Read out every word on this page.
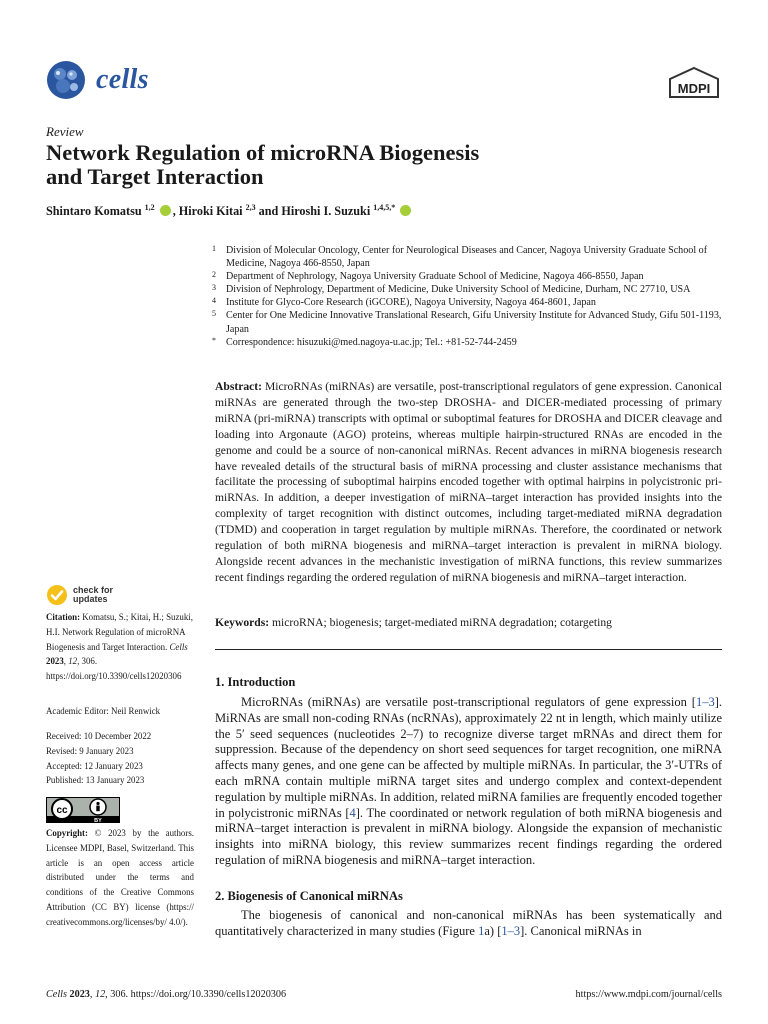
cells	MDPI
Review
Network Regulation of microRNA Biogenesis
and Target Interaction
Shintaro Komatsu $^{1,2}$ , Hiroki Kitai $^{2,3}$ and Hiroshi I. Suzuki $^{1,4,5,*}$
1 Division of Molecular Oncology, Center for Neurological Diseases and Cancer, Nagoya University Graduate School of Medicine, Nagoya 466-8550, Japan
2 Department of Nephrology, Nagoya University Graduate School of Medicine, Nagoya 466-8550, Japan
3 Division of Nephrology, Department of Medicine, Duke University School of Medicine, Durham, NC 27710, USA
4 Institute for Glyco-Core Research (iGCORE), Nagoya University, Nagoya 464-8601, Japan
5 Center for One Medicine Innovative Translational Research, Gifu University Institute for Advanced Study, Gifu 501-1193, Japan
* Correspondence: hisuzuki@med.nagoya-u.ac.jp; Tel.: +81-52-744-2459
Abstract: MicroRNAs (miRNAs) are versatile, post-transcriptional regulators of gene expression. Canonical miRNAs are generated through the two-step DROSHA- and DICER-mediated processing of primary miRNA (pri-miRNA) transcripts with optimal or suboptimal features for DROSHA and DICER cleavage and loading into Argonaute (AGO) proteins, whereas multiple hairpin-structured RNAs are encoded in the genome and could be a source of non-canonical miRNAs. Recent advances in miRNA biogenesis research have revealed details of the structural basis of miRNA processing and cluster assistance mechanisms that facilitate the processing of suboptimal hairpins encoded together with optimal hairpins in polycistronic pri-miRNAs. In addition, a deeper investigation of miRNA–target interaction has provided insights into the complexity of target recognition with distinct outcomes, including target-mediated miRNA degradation (TDMD) and cooperation in target regulation by multiple miRNAs. Therefore, the coordinated or network regulation of both miRNA biogenesis and miRNA–target interaction is prevalent in miRNA biology. Alongside recent advances in the mechanistic investigation of miRNA functions, this review summarizes recent findings regarding the ordered regulation of miRNA biogenesis and miRNA–target interaction.
Keywords: microRNA; biogenesis; target-mediated miRNA degradation; cotargeting
1. Introduction
MicroRNAs (miRNAs) are versatile post-transcriptional regulators of gene expression [1–3]. MiRNAs are small non-coding RNAs (ncRNAs), approximately 22 nt in length, which mainly utilize the 5′ seed sequences (nucleotides 2–7) to recognize diverse target mRNAs and direct them for suppression. Because of the dependency on short seed sequences for target recognition, one miRNA affects many genes, and one gene can be affected by multiple miRNAs. In particular, the 3′-UTRs of each mRNA contain multiple miRNA target sites and undergo complex and context-dependent regulation by multiple miRNAs. In addition, related miRNA families are frequently encoded together in polycistronic miRNAs [4]. The coordinated or network regulation of both miRNA biogenesis and miRNA–target interaction is prevalent in miRNA biology. Alongside the expansion of mechanistic insights into miRNA biology, this review summarizes recent findings regarding the ordered regulation of miRNA biogenesis and miRNA–target interaction.
2. Biogenesis of Canonical miRNAs
The biogenesis of canonical and non-canonical miRNAs has been systematically and quantitatively characterized in many studies (Figure 1a) [1–3]. Canonical miRNAs in
check for
updates
Citation: Komatsu, S.; Kitai, H.; Suzuki, H.I. Network Regulation of microRNA Biogenesis and Target Interaction. Cells 2023, 12, 306. https://doi.org/10.3390/cells12020306
Academic Editor: Neil Renwick
Received: 10 December 2022
Revised: 9 January 2023
Accepted: 12 January 2023
Published: 13 January 2023
cc
BY
Copyright: © 2023 by the authors. Licensee MDPI, Basel, Switzerland. This article is an open access article distributed under the terms and conditions of the Creative Commons Attribution (CC BY) license (https:// creativecommons.org/licenses/by/ 4.0/).
Cells 2023, 12, 306. https://doi.org/10.3390/cells12020306	https://www.mdpi.com/journal/cells
